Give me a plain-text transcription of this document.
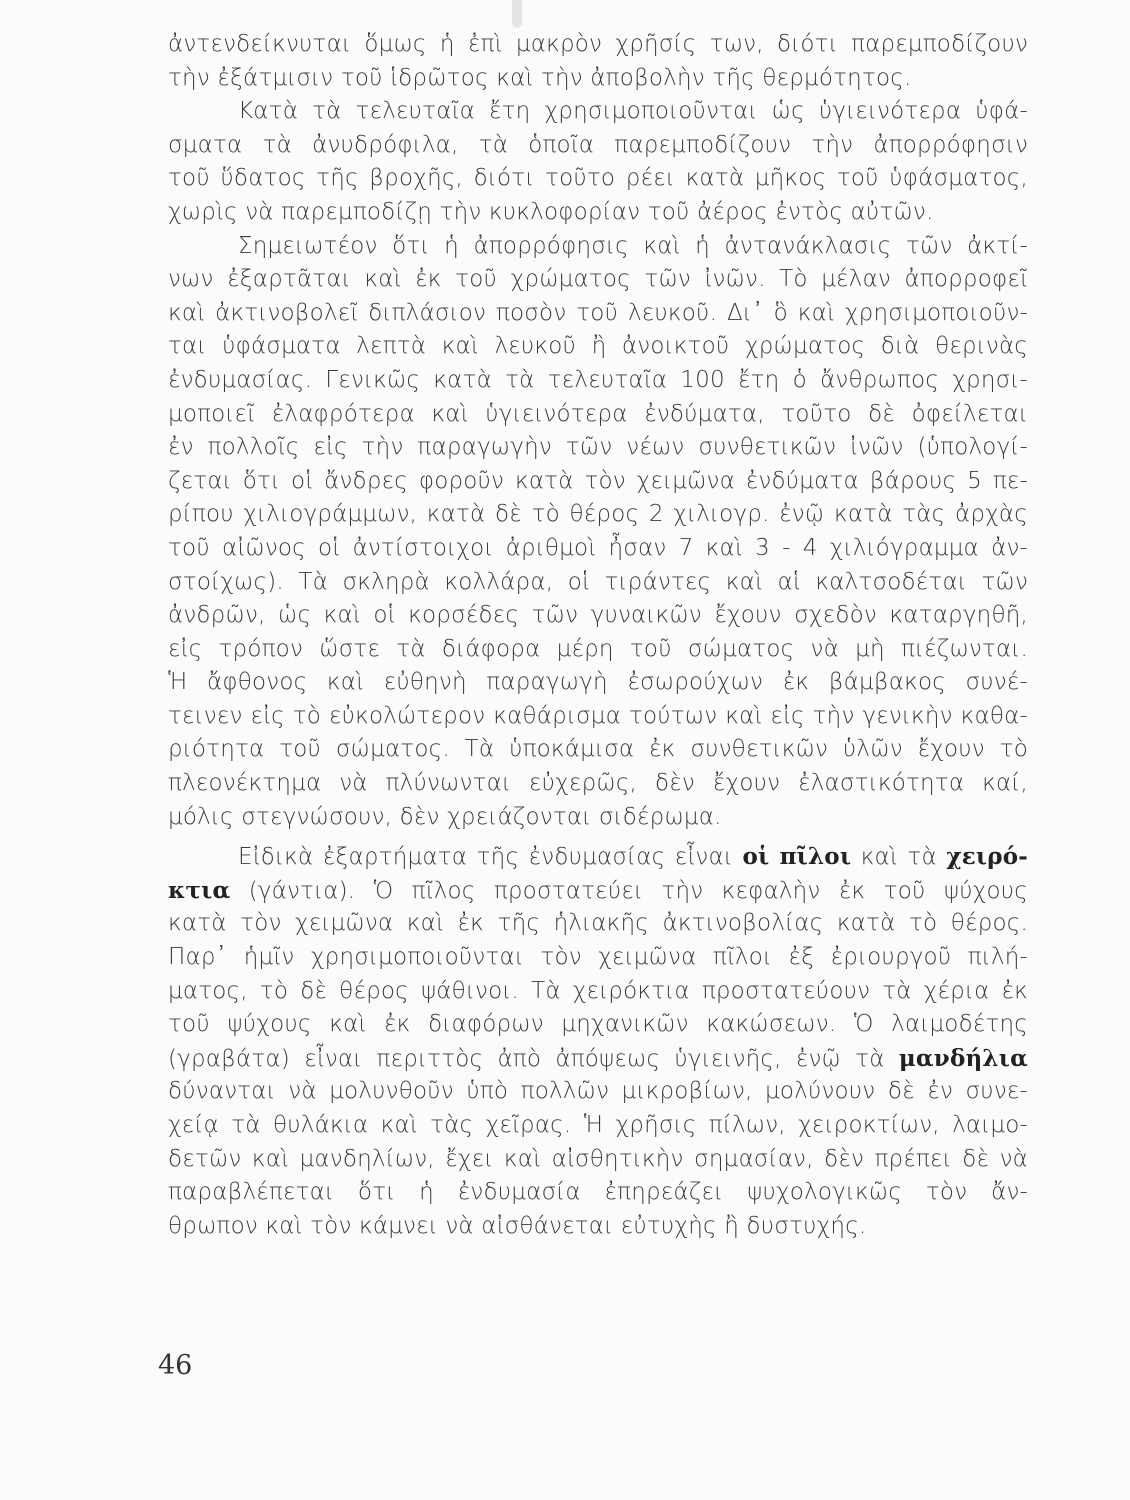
ἀντενδείκνυται ὅμως ἡ ἐπὶ μακρὸν χρῆσίς των, διότι παρεμποδίζουν
τὴν ἐξάτμισιν τοῦ ἱδρῶτος καὶ τὴν ἀποβολὴν τῆς θερμότητος.
Κατὰ τὰ τελευταῖα ἔτη χρησιμοποιοῦνται ὡς ὑγιεινότερα ὑφά-
σματα τὰ ἀνυδρόφιλα, τὰ ὁποῖα παρεμποδίζουν τὴν ἀπορρόφησιν
τοῦ ὕδατος τῆς βροχῆς, διότι τοῦτο ρέει κατὰ μῆκος τοῦ ὑφάσματος,
χωρὶς νὰ παρεμποδίζῃ τὴν κυκλοφορίαν τοῦ ἀέρος ἐντὸς αὐτῶν.
Σημειωτέον ὅτι ἡ ἀπορρόφησις καὶ ἡ ἀντανάκλασις τῶν ἀκτί-
νων ἐξαρτᾶται καὶ ἐκ τοῦ χρώματος τῶν ἰνῶν. Τὸ μέλαν ἀπορροφεῖ
καὶ ἀκτινοβολεῖ διπλάσιον ποσὸν τοῦ λευκοῦ. Δι᾽ ὃ καὶ χρησιμοποιοῦν-
ται ὑφάσματα λεπτὰ καὶ λευκοῦ ἢ ἀνοικτοῦ χρώματος διὰ θερινὰς
ἐνδυμασίας. Γενικῶς κατὰ τὰ τελευταῖα 100 ἔτη ὁ ἄνθρωπος χρησι-
μοποιεῖ ἐλαφρότερα καὶ ὑγιεινότερα ἐνδύματα, τοῦτο δὲ ὀφείλεται
ἐν πολλοῖς εἰς τὴν παραγωγὴν τῶν νέων συνθετικῶν ἰνῶν (ὑπολογί-
ζεται ὅτι οἱ ἄνδρες φοροῦν κατὰ τὸν χειμῶνα ἐνδύματα βάρους 5 πε-
ρίπου χιλιογράμμων, κατὰ δὲ τὸ θέρος 2 χιλιογρ. ἐνῷ κατὰ τὰς ἀρχὰς
τοῦ αἰῶνος οἱ ἀντίστοιχοι ἀριθμοὶ ἦσαν 7 καὶ 3 - 4 χιλιόγραμμα ἀν-
στοίχως). Τὰ σκληρὰ κολλάρα, οἱ τιράντες καὶ αἱ καλτσοδέται τῶν
ἀνδρῶν, ὡς καὶ οἱ κορσέδες τῶν γυναικῶν ἔχουν σχεδὸν καταργηθῆ,
εἰς τρόπον ὥστε τὰ διάφορα μέρη τοῦ σώματος νὰ μὴ πιέζωνται.
Ἡ ἄφθονος καὶ εὐθηνὴ παραγωγὴ ἐσωρούχων ἐκ βάμβακος συνέ-
τεινεν εἰς τὸ εὐκολώτερον καθάρισμα τούτων καὶ εἰς τὴν γενικὴν καθα-
ριότητα τοῦ σώματος. Τὰ ὑποκάμισα ἐκ συνθετικῶν ὑλῶν ἔχουν τὸ
πλεονέκτημα νὰ πλύνωνται εὐχερῶς, δὲν ἔχουν ἐλαστικότητα καί,
μόλις στεγνώσουν, δὲν χρειάζονται σιδέρωμα.
Εἰδικὰ ἐξαρτήματα τῆς ἐνδυμασίας εἶναι οἱ πῖλοι καὶ τὰ χειρό-
κτια (γάντια). Ὁ πῖλος προστατεύει τὴν κεφαλὴν ἐκ τοῦ ψύχους
κατὰ τὸν χειμῶνα καὶ ἐκ τῆς ἡλιακῆς ἀκτινοβολίας κατὰ τὸ θέρος.
Παρ᾽ ἡμῖν χρησιμοποιοῦνται τὸν χειμῶνα πῖλοι ἐξ ἐριουργοῦ πιλή-
ματος, τὸ δὲ θέρος ψάθινοι. Τὰ χειρόκτια προστατεύουν τὰ χέρια ἐκ
τοῦ ψύχους καὶ ἐκ διαφόρων μηχανικῶν κακώσεων. Ὁ λαιμοδέτης
(γραβάτα) εἶναι περιττὸς ἀπὸ ἀπόψεως ὑγιεινῆς, ἐνῷ τὰ μανδήλια
δύνανται νὰ μολυνθοῦν ὑπὸ πολλῶν μικροβίων, μολύνουν δὲ ἐν συνε-
χείᾳ τὰ θυλάκια καὶ τὰς χεῖρας. Ἡ χρῆσις πίλων, χειροκτίων, λαιμο-
δετῶν καὶ μανδηλίων, ἔχει καὶ αἰσθητικὴν σημασίαν, δὲν πρέπει δὲ νὰ
παραβλέπεται ὅτι ἡ ἐνδυμασία ἐπηρεάζει ψυχολογικῶς τὸν ἄν-
θρωπον καὶ τὸν κάμνει νὰ αἰσθάνεται εὐτυχὴς ἢ δυστυχής.
46
